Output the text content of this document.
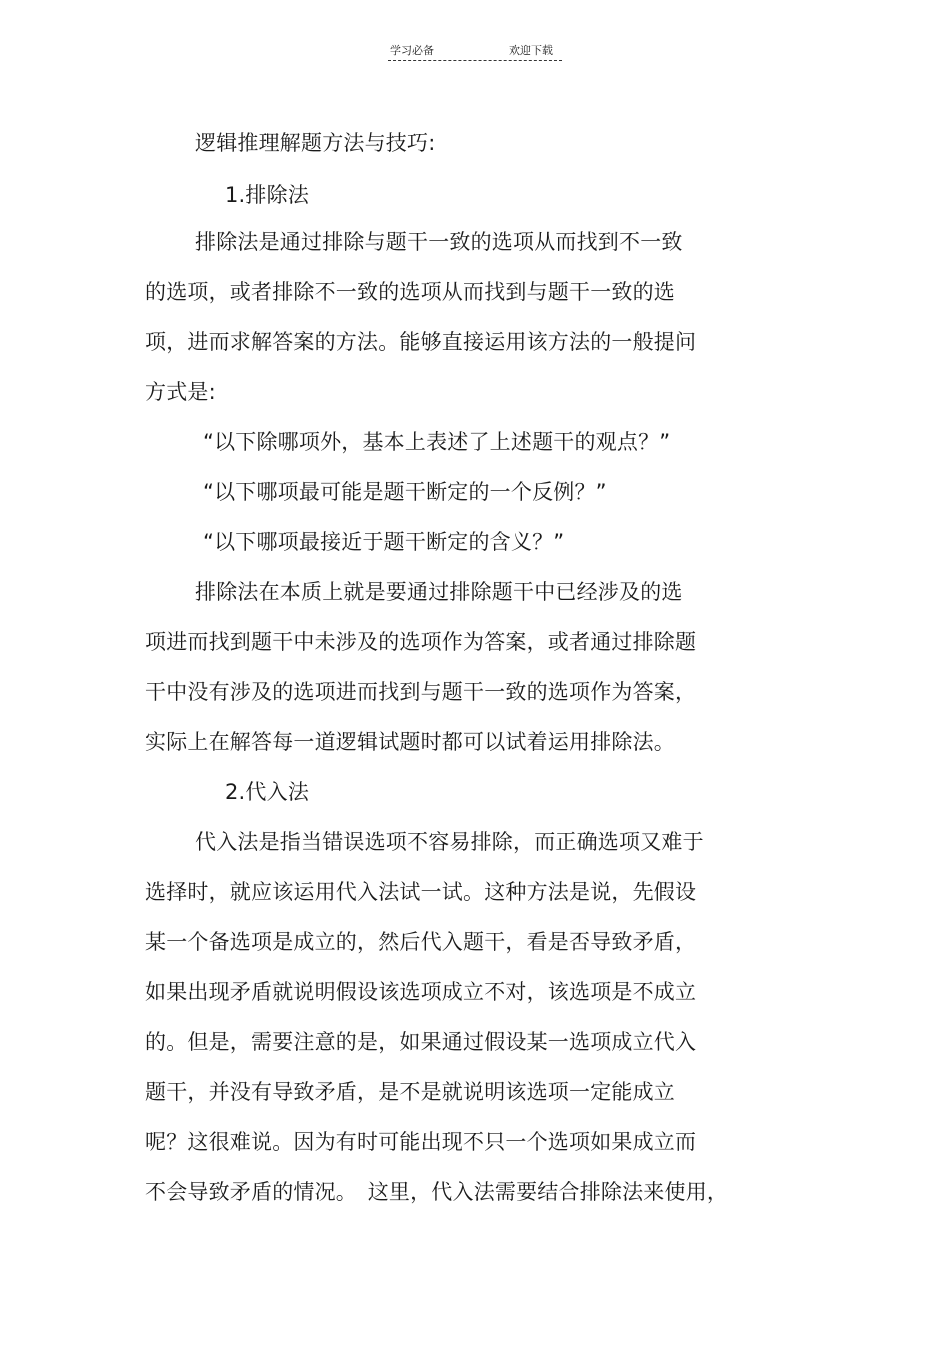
学习必备	欢迎下载
逻辑推理解题方法与技巧:
1.排除法
排除法是通过排除与题干一致的选项从而找到不一致
的选项，或者排除不一致的选项从而找到与题干一致的选
项，进而求解答案的方法。能够直接运用该方法的一般提问
方式是:
“以下除哪项外，基本上表述了上述题干的观点？”
“以下哪项最可能是题干断定的一个反例？”
“以下哪项最接近于题干断定的含义？”
排除法在本质上就是要通过排除题干中已经涉及的选
项进而找到题干中未涉及的选项作为答案，或者通过排除题
干中没有涉及的选项进而找到与题干一致的选项作为答案，
实际上在解答每一道逻辑试题时都可以试着运用排除法。
2.代入法
代入法是指当错误选项不容易排除，而正确选项又难于
选择时，就应该运用代入法试一试。这种方法是说，先假设
某一个备选项是成立的，然后代入题干，看是否导致矛盾，
如果出现矛盾就说明假设该选项成立不对，该选项是不成立
的。但是，需要注意的是，如果通过假设某一选项成立代入
题干，并没有导致矛盾，是不是就说明该选项一定能成立
呢？这很难说。因为有时可能出现不只一个选项如果成立而
不会导致矛盾的情况。　这里，代入法需要结合排除法来使用，
